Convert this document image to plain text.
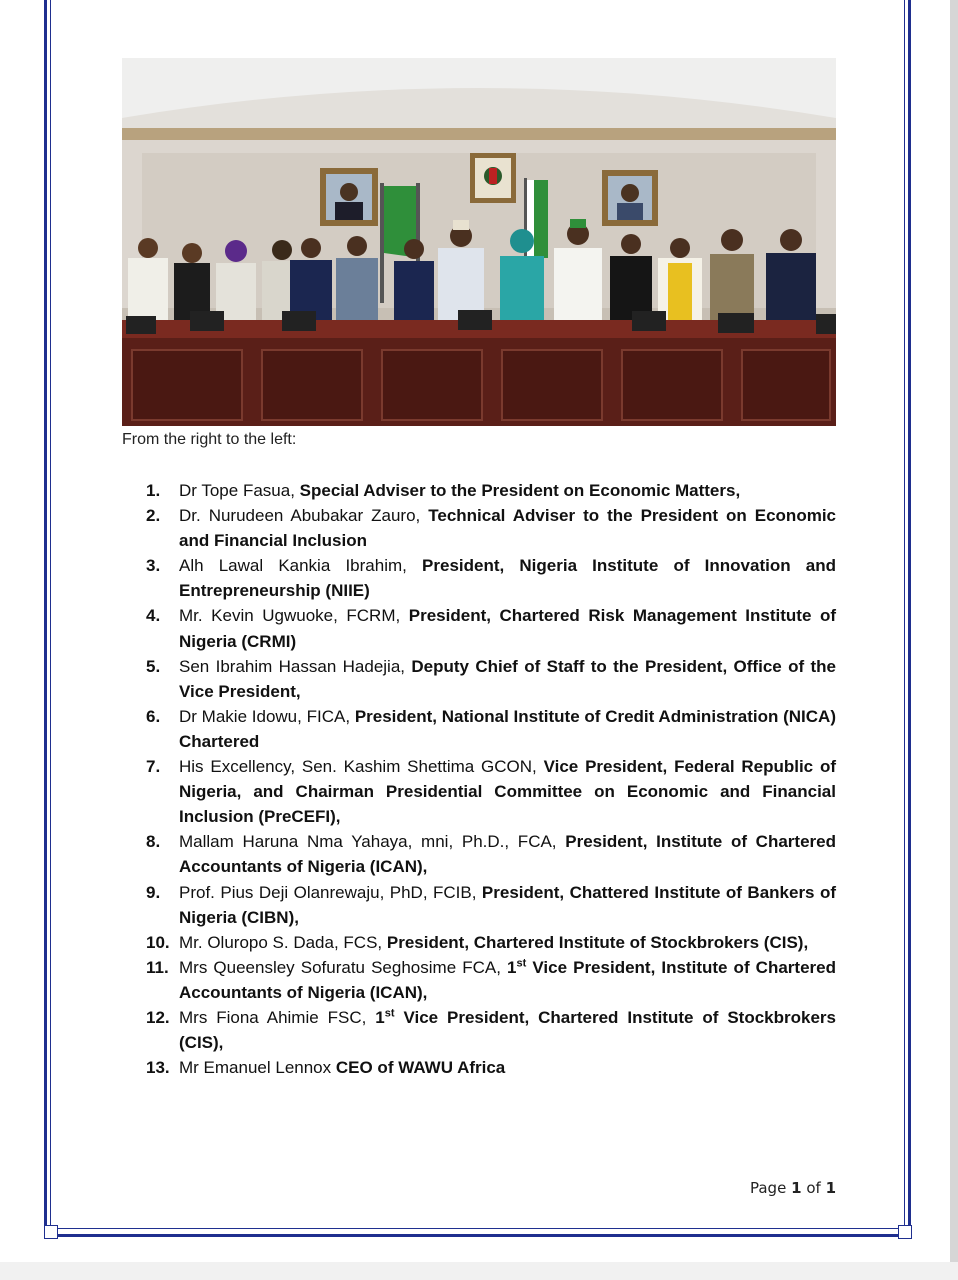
From the right to the left:
1.	Dr Tope Fasua, Special Adviser to the President on Economic Matters,
2.	Dr. Nurudeen Abubakar Zauro, Technical Adviser to the President on Economic and Financial Inclusion
3.	Alh Lawal Kankia Ibrahim, President, Nigeria Institute of Innovation and Entrepreneurship (NIIE)
4.	Mr. Kevin Ugwuoke, FCRM, President, Chartered Risk Management Institute of Nigeria (CRMI)
5.	Sen Ibrahim Hassan Hadejia, Deputy Chief of Staff to the President, Office of the Vice President,
6.	Dr Makie Idowu, FICA, President, National Institute of Credit Administration (NICA) Chartered
7.	His Excellency, Sen. Kashim Shettima GCON, Vice President, Federal Republic of Nigeria, and Chairman Presidential Committee on Economic and Financial Inclusion (PreCEFI),
8.	Mallam Haruna Nma Yahaya, mni, Ph.D., FCA, President, Institute of Chartered Accountants of Nigeria (ICAN),
9.	Prof. Pius Deji Olanrewaju, PhD, FCIB, President, Chattered Institute of Bankers of Nigeria (CIBN),
10. Mr. Oluropo S. Dada, FCS, President, Chartered Institute of Stockbrokers (CIS),
11. Mrs Queensley Sofuratu Seghosime FCA, 1st Vice President, Institute of Chartered Accountants of Nigeria (ICAN),
12. Mrs Fiona Ahimie FSC, 1st Vice President, Chartered Institute of Stockbrokers (CIS),
13. Mr Emanuel Lennox CEO of WAWU Africa
Page 1 of 1
